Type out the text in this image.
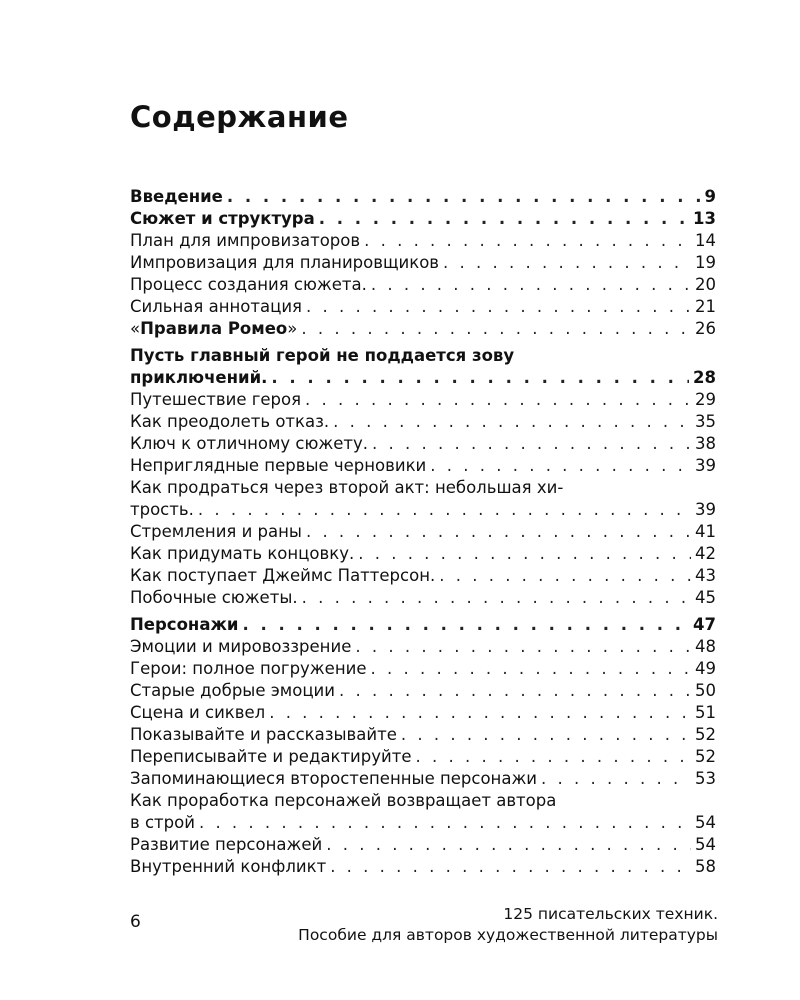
Содержание
Введение . . .	9
Сюжет и структура . . .	13
План для импровизаторов . . .	14
Импровизация для планировщиков . . .	19
Процесс создания сюжета. . . .	20
Сильная аннотация . . .	21
«Правила Ромео» . . .	26
Пусть главный герой не поддается зову
приключений. . . .	28
Путешествие героя . . .	29
Как преодолеть отказ. . . .	35
Ключ к отличному сюжету. . . .	38
Неприглядные первые черновики . . .	39
Как продраться через второй акт: небольшая хи-
трость. . . .	39
Стремления и раны . . .	41
Как придумать концовку. . . .	42
Как поступает Джеймс Паттерсон. . . .	43
Побочные сюжеты. . . .	45
Персонажи . . .	47
Эмоции и мировоззрение . . .	48
Герои: полное погружение . . .	49
Старые добрые эмоции . . .	50
Сцена и сиквел . . .	51
Показывайте и рассказывайте . . .	52
Переписывайте и редактируйте . . .	52
Запоминающиеся второстепенные персонажи . . .	53
Как проработка персонажей возвращает автора
в строй . . .	54
Развитие персонажей . . .	54
Внутренний конфликт . . .	58
6	125 писательских техник.
Пособие для авторов художественной литературы
